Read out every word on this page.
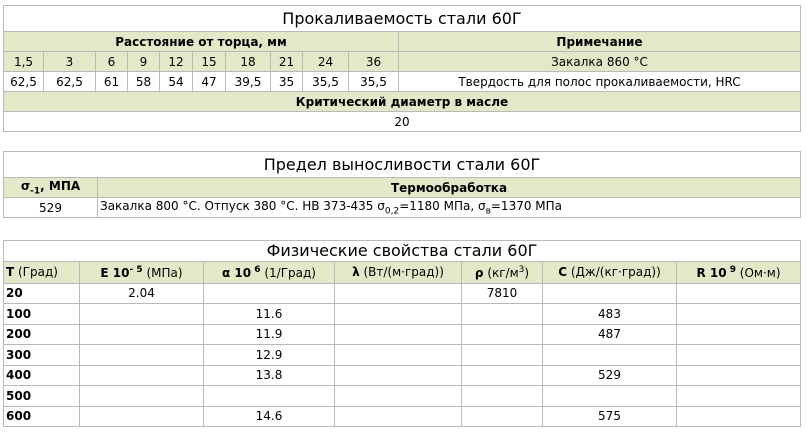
Прокаливаемость стали 60Г										
Расстояние от торца, мм										Примечание
1,5	3	6	9	12	15	18	21	24	36	Закалка 860 °С
62,5	62,5	61	58	54	47	39,5	35	35,5	35,5	Твердость для полос прокаливаемости, HRC
Критический диаметр в масле										
20										
Предел выносливости стали 60Г	
$\sigma_{-1}$, МПА	Термообработка
529	Закалка 800 °С. Отпуск 380 °С. НВ 373-435 $\sigma_{0,2}=1180$ МПа, $\sigma_в=1370$ МПа
Физические свойства стали 60Г						
T (Град)	E $10^{- 5}$ (МПа)	α 10 $^6$ (1/Град)	λ (Вт/(м·град))	ρ $(кг/м^3)$	C (Дж/(кг·град))	R 10 $^9$ (Ом·м)
20	2.04			7810		
100		11.6			483	
200		11.9			487	
300		12.9				
400		13.8			529	
500						
600		14.6			575	
